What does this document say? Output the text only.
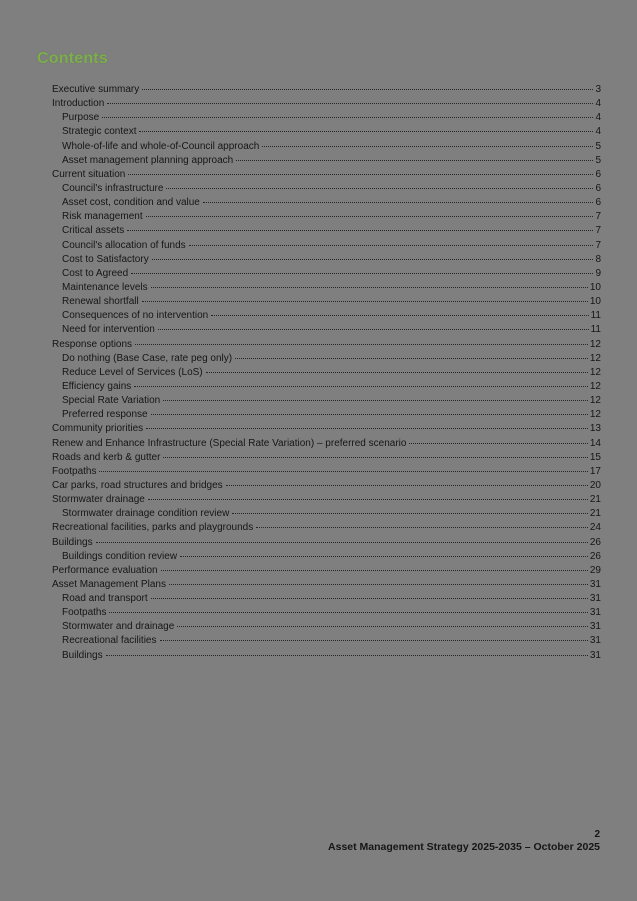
Contents
Executive summary	3
Introduction	4
Purpose	4
Strategic context	4
Whole-of-life and whole-of-Council approach	5
Asset management planning approach	5
Current situation	6
Council's infrastructure	6
Asset cost, condition and value	6
Risk management	7
Critical assets	7
Council's allocation of funds	7
Cost to Satisfactory	8
Cost to Agreed	9
Maintenance levels	10
Renewal shortfall	10
Consequences of no intervention	11
Need for intervention	11
Response options	12
Do nothing (Base Case, rate peg only)	12
Reduce Level of Services (LoS)	12
Efficiency gains	12
Special Rate Variation	12
Preferred response	12
Community priorities	13
Renew and Enhance Infrastructure (Special Rate Variation) – preferred scenario	14
Roads and kerb & gutter	15
Footpaths	17
Car parks, road structures and bridges	20
Stormwater drainage	21
Stormwater drainage condition review	21
Recreational facilities, parks and playgrounds	24
Buildings	26
Buildings condition review	26
Performance evaluation	29
Asset Management Plans	31
Road and transport	31
Footpaths	31
Stormwater and drainage	31
Recreational facilities	31
Buildings	31
2
Asset Management Strategy 2025-2035 – October 2025
